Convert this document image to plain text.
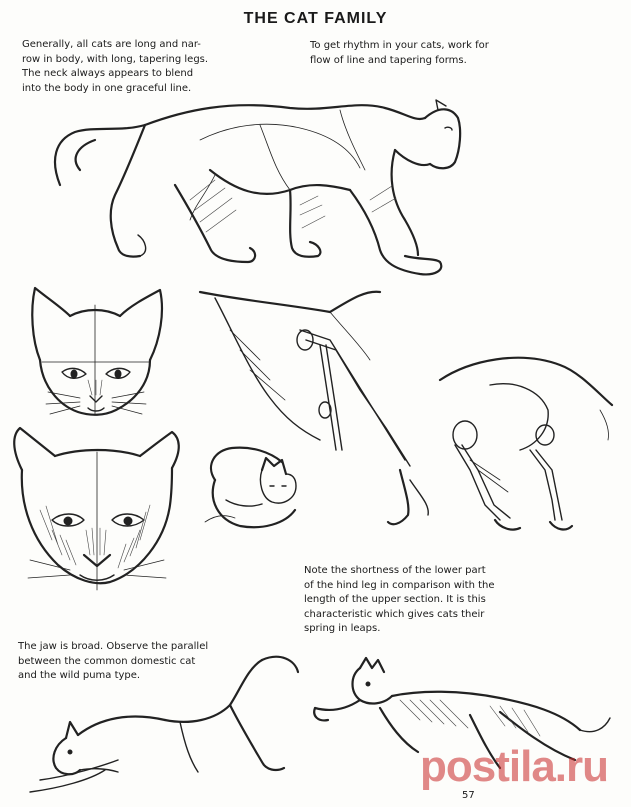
THE CAT FAMILY
Generally, all cats are long and nar-
row in body, with long, tapering legs.
The neck always appears to blend
into the body in one graceful line.
To get rhythm in your cats, work for
flow of line and tapering forms.
Note the shortness of the lower part
of the hind leg in comparison with the
length of the upper section. It is this
characteristic which gives cats their
spring in leaps.
The jaw is broad. Observe the parallel
between the common domestic cat
and the wild puma type.
postila.ru
57
